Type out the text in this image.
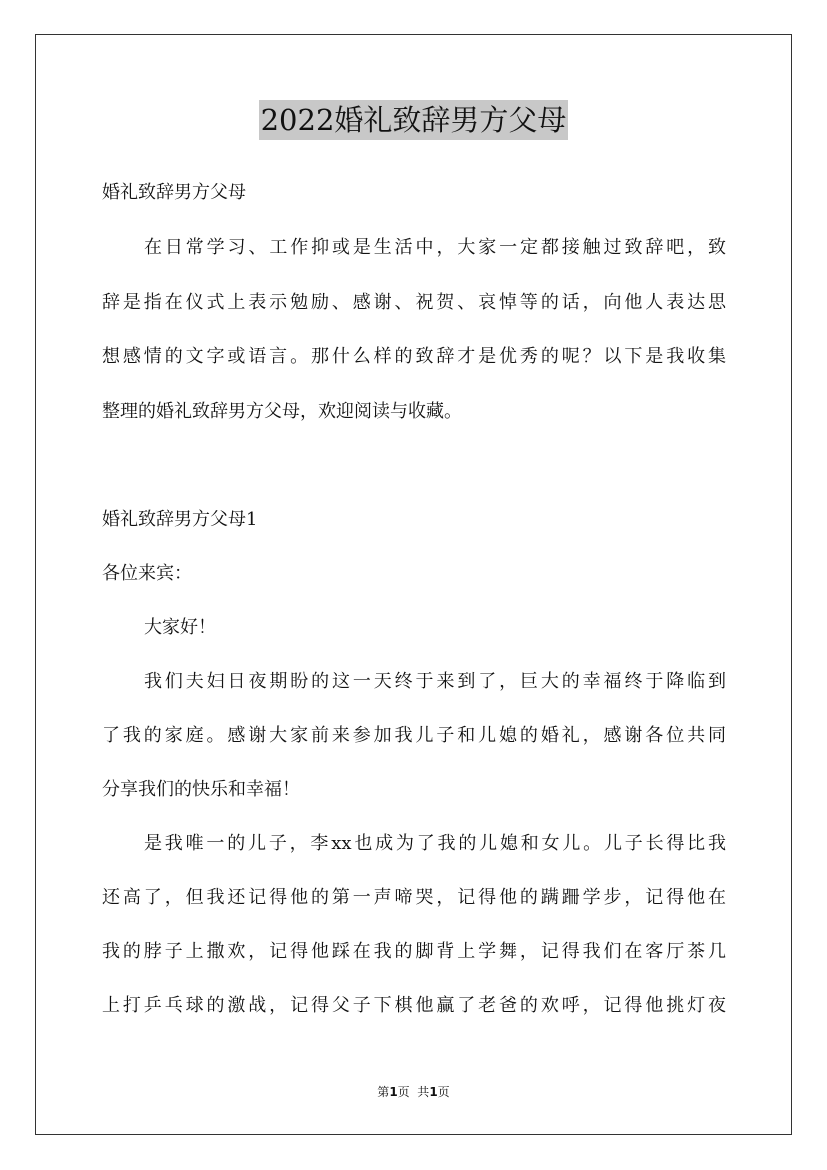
2022婚礼致辞男方父母
婚礼致辞男方父母
在日常学习、工作抑或是生活中，大家一定都接触过致辞吧，致
辞是指在仪式上表示勉励、感谢、祝贺、哀悼等的话，向他人表达思
想感情的文字或语言。那什么样的致辞才是优秀的呢？以下是我收集
整理的婚礼致辞男方父母，欢迎阅读与收藏。
婚礼致辞男方父母1
各位来宾：
大家好！
我们夫妇日夜期盼的这一天终于来到了，巨大的幸福终于降临到
了我的家庭。感谢大家前来参加我儿子和儿媳的婚礼，感谢各位共同
分享我们的快乐和幸福！
是我唯一的儿子，李xx也成为了我的儿媳和女儿。儿子长得比我
还高了，但我还记得他的第一声啼哭，记得他的蹒跚学步，记得他在
我的脖子上撒欢，记得他踩在我的脚背上学舞，记得我们在客厅茶几
上打乒乓球的激战，记得父子下棋他赢了老爸的欢呼，记得他挑灯夜
第1页  共1页
